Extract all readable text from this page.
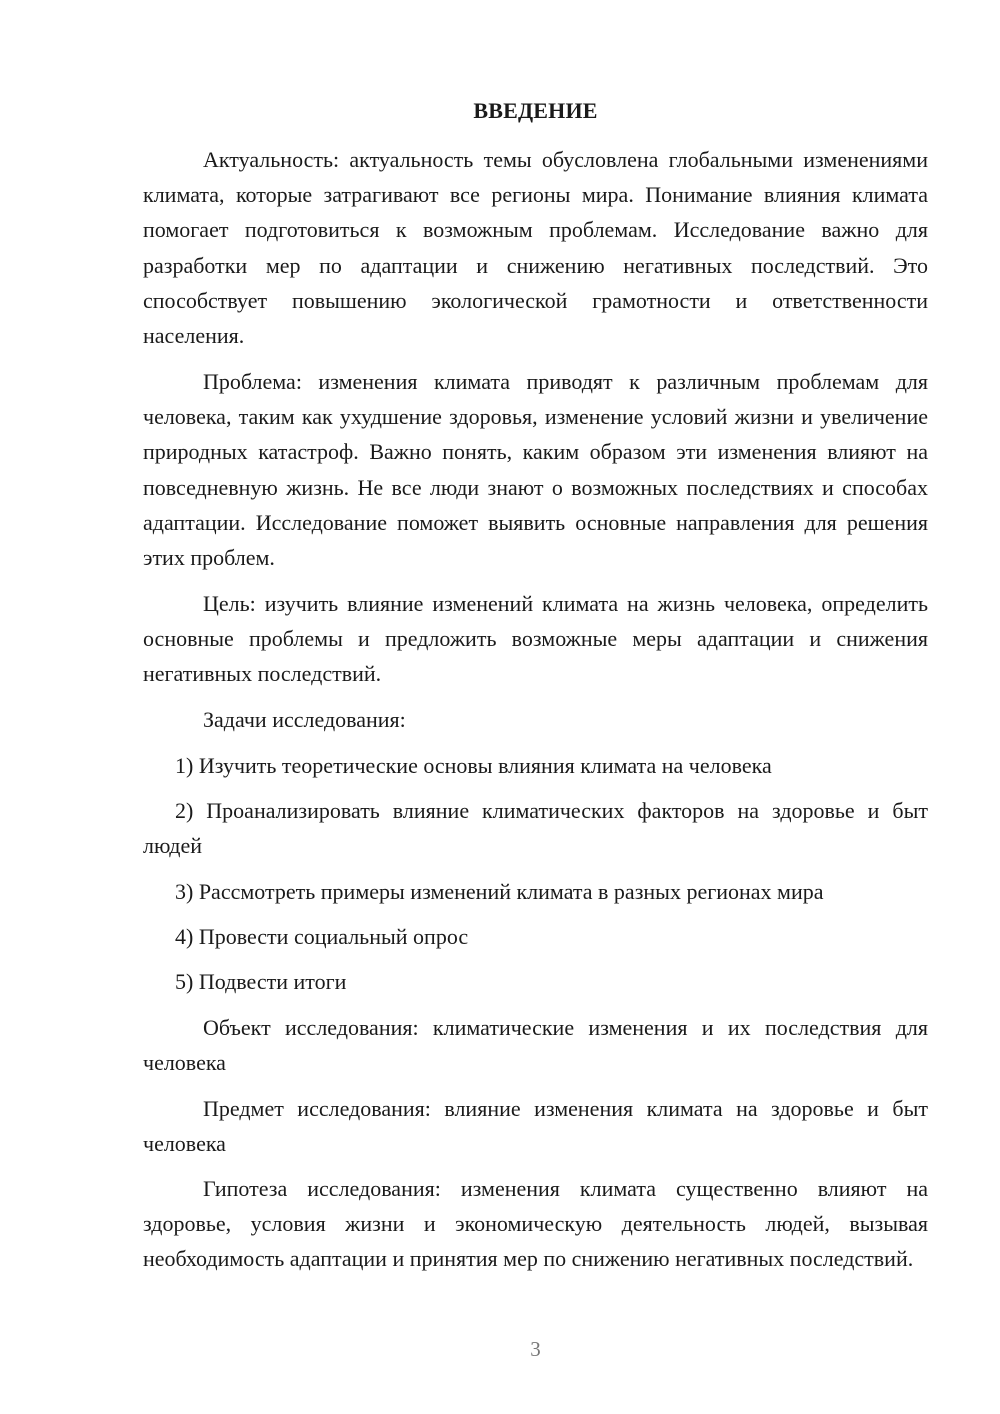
ВВЕДЕНИЕ

Актуальность: актуальность темы обусловлена глобальными изменениями климата, которые затрагивают все регионы мира. Понимание влияния климата помогает подготовиться к возможным проблемам. Исследование важно для разработки мер по адаптации и снижению негативных последствий. Это способствует повышению экологической грамотности и ответственности населения.

Проблема: изменения климата приводят к различным проблемам для человека, таким как ухудшение здоровья, изменение условий жизни и увеличение природных катастроф. Важно понять, каким образом эти изменения влияют на повседневную жизнь. Не все люди знают о возможных последствиях и способах адаптации. Исследование поможет выявить основные направления для решения этих проблем.

Цель: изучить влияние изменений климата на жизнь человека, определить основные проблемы и предложить возможные меры адаптации и снижения негативных последствий.

Задачи исследования:

1) Изучить теоретические основы влияния климата на человека

2) Проанализировать влияние климатических факторов на здоровье и быт людей

3) Рассмотреть примеры изменений климата в разных регионах мира

4) Провести социальный опрос

5) Подвести итоги

Объект исследования: климатические изменения и их последствия для человека

Предмет исследования: влияние изменения климата на здоровье и быт человека

Гипотеза исследования: изменения климата существенно влияют на здоровье, условия жизни и экономическую деятельность людей, вызывая необходимость адаптации и принятия мер по снижению негативных последствий.

3
